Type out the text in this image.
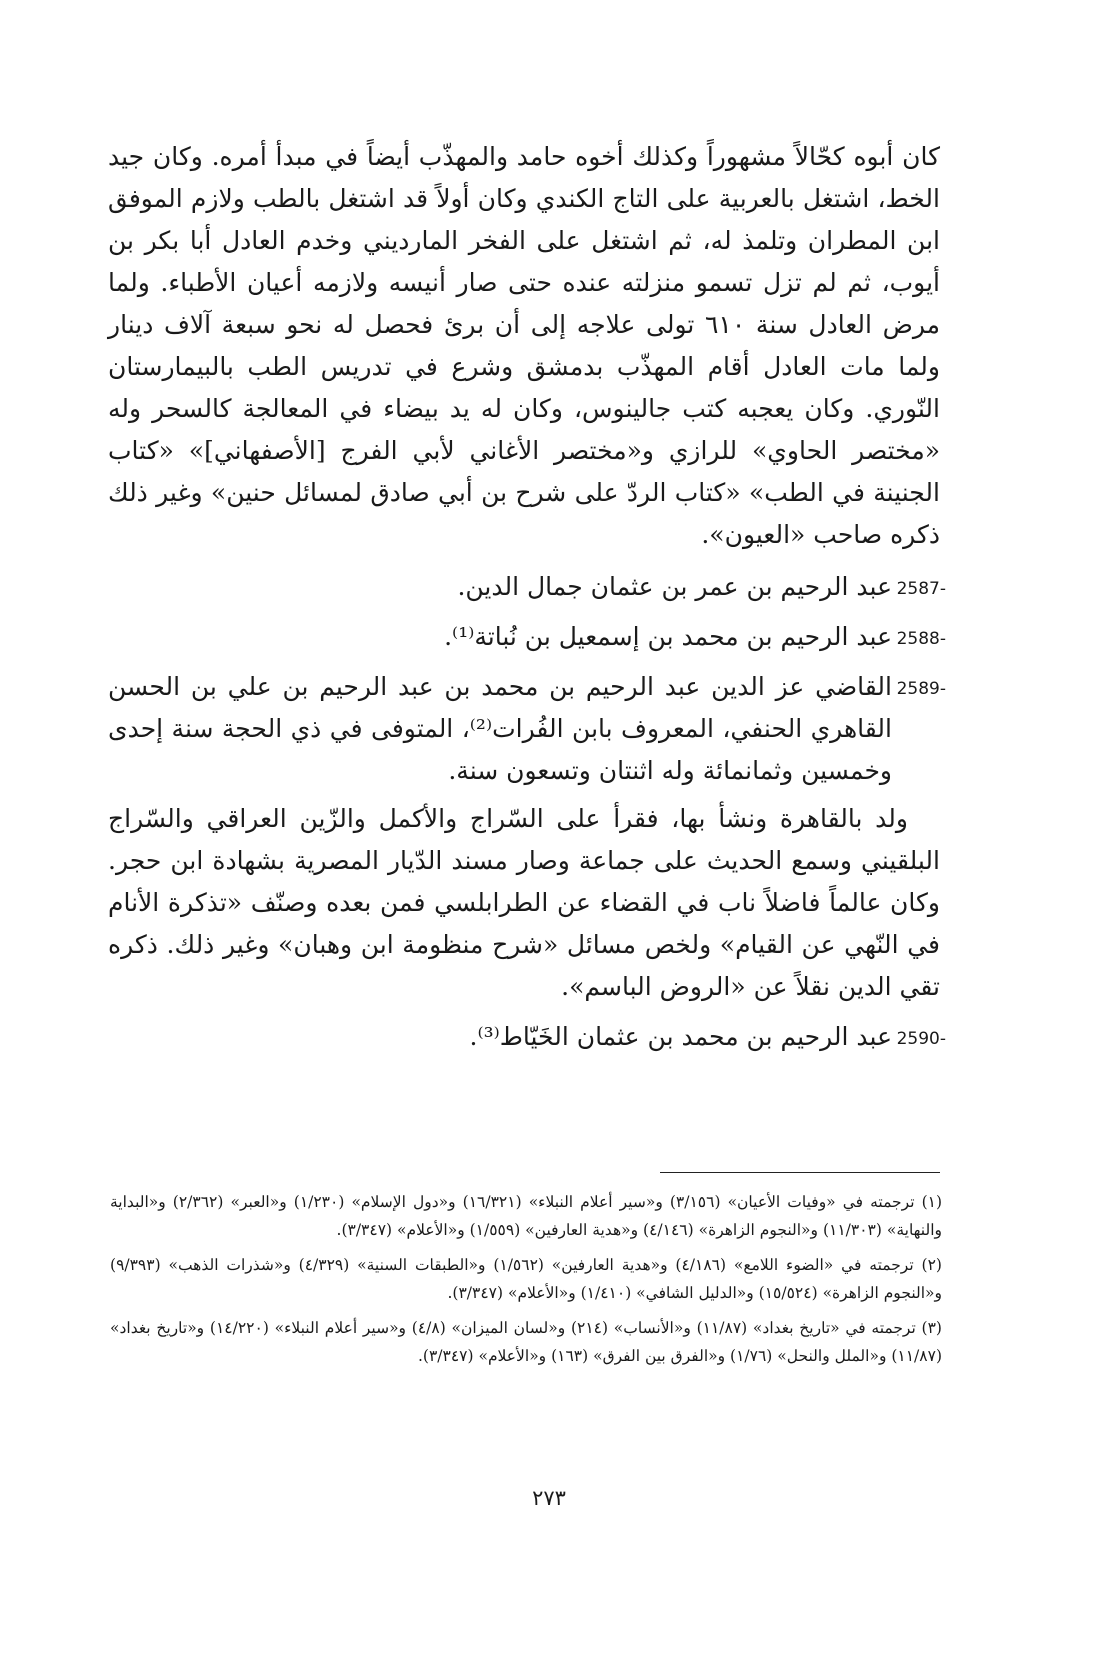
كان أبوه كحّالاً مشهوراً وكذلك أخوه حامد والمهذّب أيضاً في مبدأ أمره. وكان جيد الخط، اشتغل بالعربية على التاج الكندي وكان أولاً قد اشتغل بالطب ولازم الموفق ابن المطران وتلمذ له، ثم اشتغل على الفخر المارديني وخدم العادل أبا بكر بن أيوب، ثم لم تزل تسمو منزلته عنده حتى صار أنيسه ولازمه أعيان الأطباء. ولما مرض العادل سنة ٦١٠ تولى علاجه إلى أن برئ فحصل له نحو سبعة آلاف دينار ولما مات العادل أقام المهذّب بدمشق وشرع في تدريس الطب بالبيمارستان النّوري. وكان يعجبه كتب جالينوس، وكان له يد بيضاء في المعالجة كالسحر وله «مختصر الحاوي» للرازي و«مختصر الأغاني لأبي الفرج [الأصفهاني]» «كتاب الجنينة في الطب» «كتاب الردّ على شرح بن أبي صادق لمسائل حنين» وغير ذلك ذكره صاحب «العيون».

2587 -
عبد الرحيم بن عمر بن عثمان جمال الدين.

2588 -
عبد الرحيم بن محمد بن إسمعيل بن نُباتة⁽¹⁾.

2589 -
القاضي عز الدين عبد الرحيم بن محمد بن عبد الرحيم بن علي بن الحسن القاهري الحنفي، المعروف بابن الفُرات⁽²⁾، المتوفى في ذي الحجة سنة إحدى وخمسين وثمانمائة وله اثنتان وتسعون سنة.

ولد بالقاهرة ونشأ بها، فقرأ على السّراج والأكمل والزّين العراقي والسّراج البلقيني وسمع الحديث على جماعة وصار مسند الدّيار المصرية بشهادة ابن حجر. وكان عالماً فاضلاً ناب في القضاء عن الطرابلسي فمن بعده وصنّف «تذكرة الأنام في النّهي عن القيام» ولخص مسائل «شرح منظومة ابن وهبان» وغير ذلك. ذكره تقي الدين نقلاً عن «الروض الباسم».

2590 -
عبد الرحيم بن محمد بن عثمان الخَيّاط⁽³⁾.

(١) ترجمته في «وفيات الأعيان» (٣/١٥٦) و«سير أعلام النبلاء» (١٦/٣٢١) و«دول الإسلام» (١/٢٣٠) و«العبر» (٢/٣٦٢) و«البداية والنهاية» (١١/٣٠٣) و«النجوم الزاهرة» (٤/١٤٦) و«هدية العارفين» (١/٥٥٩) و«الأعلام» (٣/٣٤٧).

(٢) ترجمته في «الضوء اللامع» (٤/١٨٦) و«هدية العارفين» (١/٥٦٢) و«الطبقات السنية» (٤/٣٢٩) و«شذرات الذهب» (٩/٣٩٣) و«النجوم الزاهرة» (١٥/٥٢٤) و«الدليل الشافي» (١/٤١٠) و«الأعلام» (٣/٣٤٧).

(٣) ترجمته في «تاريخ بغداد» (١١/٨٧) و«الأنساب» (٢١٤) و«لسان الميزان» (٤/٨) و«سير أعلام النبلاء» (١٤/٢٢٠) و«تاريخ بغداد» (١١/٨٧) و«الملل والنحل» (١/٧٦) و«الفرق بين الفرق» (١٦٣) و«الأعلام» (٣/٣٤٧).

٢٧٣
